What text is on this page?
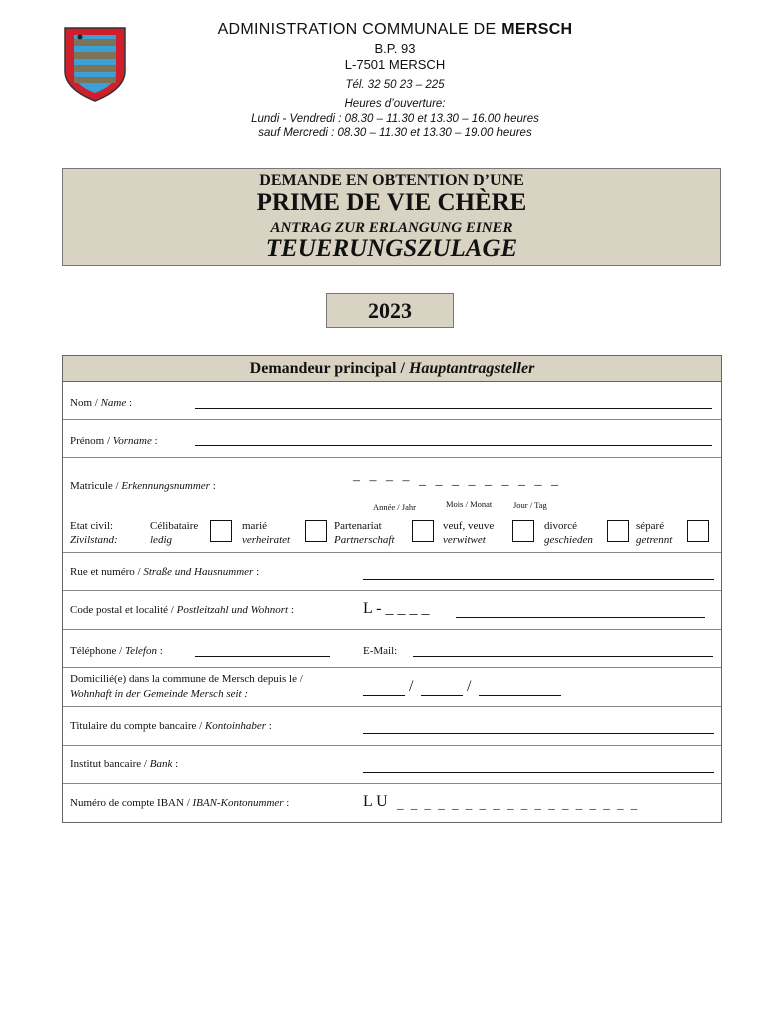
ADMINISTRATION COMMUNALE DE MERSCH
B.P. 93
L-7501 MERSCH
Tél. 32 50 23 – 225
Heures d’ouverture:
Lundi - Vendredi : 08.30 – 11.30 et 13.30 – 16.00 heures
sauf Mercredi : 08.30 – 11.30 et 13.30 – 19.00 heures
DEMANDE EN OBTENTION D’UNE
PRIME DE VIE CHÈRE
ANTRAG ZUR ERLANGUNG EINER
TEUERUNGSZULAGE
2023
Demandeur principal / Hauptantragsteller
Nom / Name :
Prénom / Vorname :
Matricule / Erkennungsnummer :	– – – – _ _ _ _ _ _ _ _ _
Année / Jahr	Mois / Monat Jour / Tag
Etat civil:
Zivilstand:
Célibataire
ledig
marié
verheiratet
Partenariat
Partnerschaft
veuf, veuve
verwitwet
divorcé
geschieden
séparé
getrennt
Rue et numéro / Straße und Hausnummer :
Code postal et localité / Postleitzahl und Wohnort :	L - _ _ _ _
Téléphone / Telefon :	E-Mail:
Domicilié(e) dans la commune de Mersch depuis le /
Wohnhaft in der Gemeinde Mersch seit :	/	/
Titulaire du compte bancaire / Kontoinhaber :
Institut bancaire / Bank :
Numéro de compte IBAN / IBAN-Kontonummer :	L U _ _ _ _ _ _ _ _ _ _ _ _ _ _ _ _ _ _
